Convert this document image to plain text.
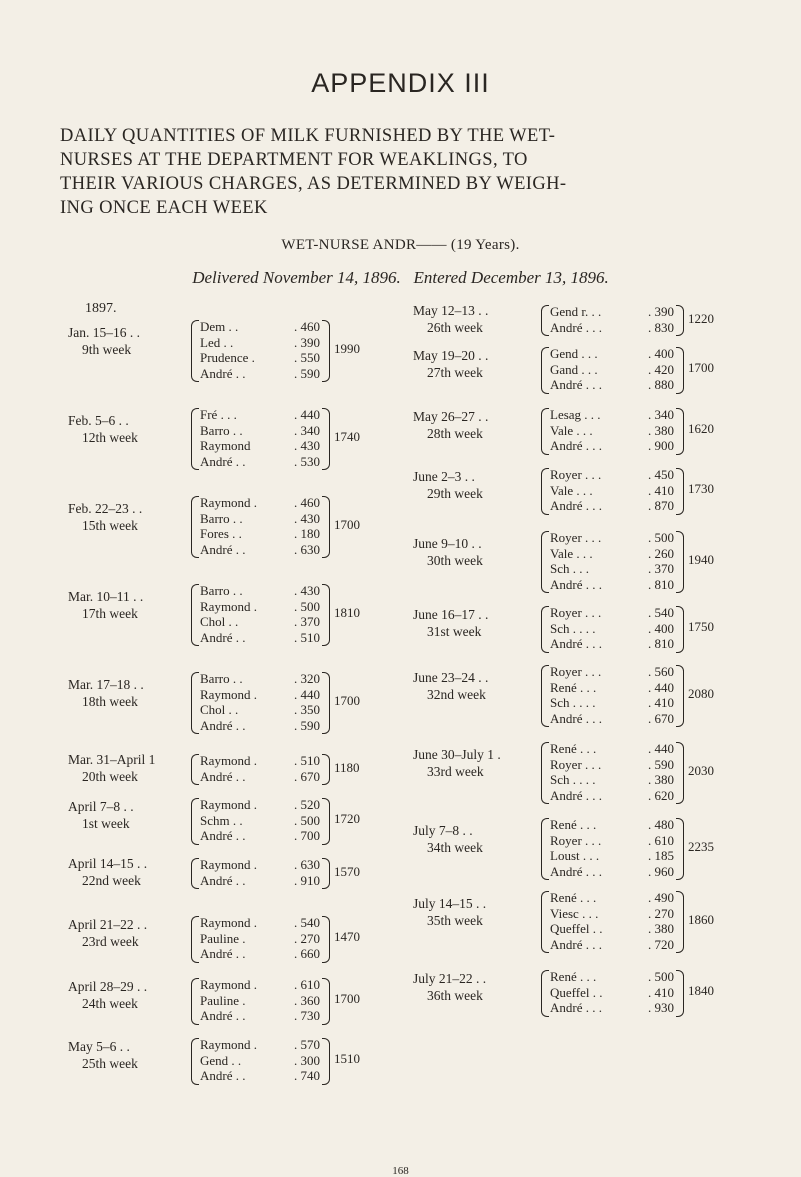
APPENDIX III
DAILY QUANTITIES OF MILK FURNISHED BY THE WET-
NURSES AT THE DEPARTMENT FOR WEAKLINGS, TO
THEIR VARIOUS CHARGES, AS DETERMINED BY WEIGH-
ING ONCE EACH WEEK
WET-NURSE ANDR—— (19 Years).
Delivered November 14, 1896. Entered December 13, 1896.
1897.
Jan. 15–16 . .
9th week
Dem . .
Led . .
Prudence .
André . .
. 460
. 390
. 550
. 590
1990
Feb. 5–6 . .
12th week
Fré . . .
Barro . .
Raymond
André . .
. 440
. 340
. 430
. 530
1740
Feb. 22–23 . .
15th week
Raymond .
Barro . .
Fores . .
André . .
. 460
. 430
. 180
. 630
1700
Mar. 10–11 . .
17th week
Barro . .
Raymond .
Chol . .
André . .
. 430
. 500
. 370
. 510
1810
Mar. 17–18 . .
18th week
Barro . .
Raymond .
Chol . .
André . .
. 320
. 440
. 350
. 590
1700
Mar. 31–April 1
20th week
Raymond .
André . .
. 510
. 670
1180
April 7–8 . .
1st week
Raymond .
Schm . .
André . .
. 520
. 500
. 700
1720
April 14–15 . .
22nd week
Raymond .
André . .
. 630
. 910
1570
April 21–22 . .
23rd week
Raymond .
Pauline .
André . .
. 540
. 270
. 660
1470
April 28–29 . .
24th week
Raymond .
Pauline .
André . .
. 610
. 360
. 730
1700
May 5–6 . .
25th week
Raymond .
Gend . .
André . .
. 570
. 300
. 740
1510
May 12–13 . .
26th week
Gend r. . .
André . . .
. 390
. 830
1220
May 19–20 . .
27th week
Gend . . .
Gand . . .
André . . .
. 400
. 420
. 880
1700
May 26–27 . .
28th week
Lesag . . .
Vale . . .
André . . .
. 340
. 380
. 900
1620
June 2–3 . .
29th week
Royer . . .
Vale . . .
André . . .
. 450
. 410
. 870
1730
June 9–10 . .
30th week
Royer . . .
Vale . . .
Sch . . .
André . . .
. 500
. 260
. 370
. 810
1940
June 16–17 . .
31st week
Royer . . .
Sch . . . .
André . . .
. 540
. 400
. 810
1750
June 23–24 . .
32nd week
Royer . . .
René . . .
Sch . . . .
André . . .
. 560
. 440
. 410
. 670
2080
June 30–July 1 .
33rd week
René . . .
Royer . . .
Sch . . . .
André . . .
. 440
. 590
. 380
. 620
2030
July 7–8 . .
34th week
René . . .
Royer . . .
Loust . . .
André . . .
. 480
. 610
. 185
. 960
2235
July 14–15 . .
35th week
René . . .
Viesc . . .
Queffel . .
André . . .
. 490
. 270
. 380
. 720
1860
July 21–22 . .
36th week
René . . .
Queffel . .
André . . .
. 500
. 410
. 930
1840
168
